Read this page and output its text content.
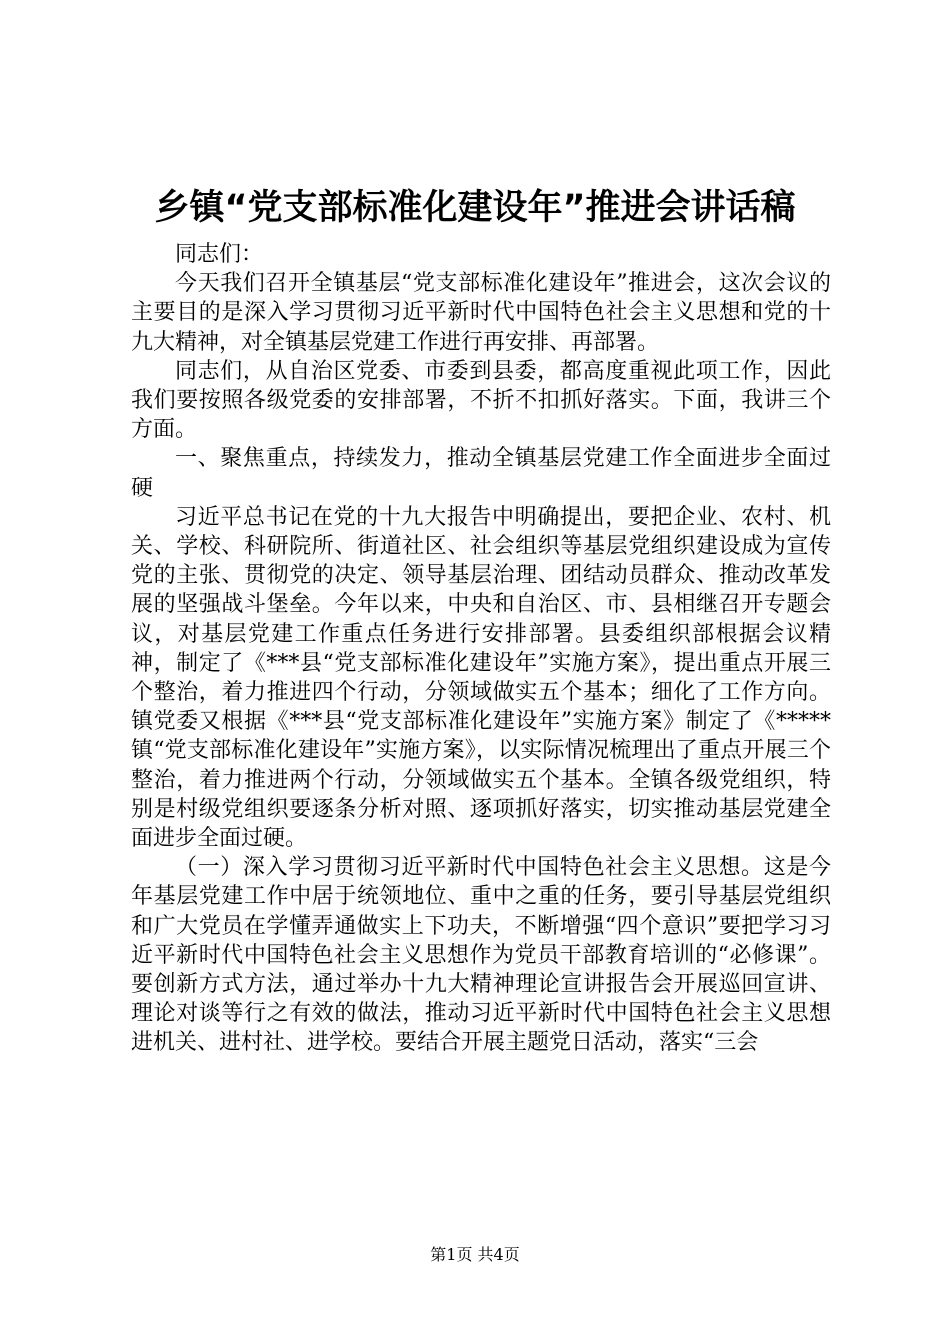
乡镇“党支部标准化建设年”推进会讲话稿

同志们：

今天我们召开全镇基层“党支部标准化建设年”推进会，这次会议的主要目的是深入学习贯彻习近平新时代中国特色社会主义思想和党的十九大精神，对全镇基层党建工作进行再安排、再部署。

同志们，从自治区党委、市委到县委，都高度重视此项工作，因此我们要按照各级党委的安排部署，不折不扣抓好落实。下面，我讲三个方面。

一、聚焦重点，持续发力，推动全镇基层党建工作全面进步全面过硬

习近平总书记在党的十九大报告中明确提出，要把企业、农村、机关、学校、科研院所、街道社区、社会组织等基层党组织建设成为宣传党的主张、贯彻党的决定、领导基层治理、团结动员群众、推动改革发展的坚强战斗堡垒。今年以来，中央和自治区、市、县相继召开专题会议，对基层党建工作重点任务进行安排部署。县委组织部根据会议精神，制定了《***县“党支部标准化建设年”实施方案》，提出重点开展三个整治，着力推进四个行动，分领域做实五个基本；细化了工作方向。镇党委又根据《***县“党支部标准化建设年”实施方案》制定了《*****镇“党支部标准化建设年”实施方案》，以实际情况梳理出了重点开展三个整治，着力推进两个行动，分领域做实五个基本。全镇各级党组织，特别是村级党组织要逐条分析对照、逐项抓好落实，切实推动基层党建全面进步全面过硬。

（一）深入学习贯彻习近平新时代中国特色社会主义思想。这是今年基层党建工作中居于统领地位、重中之重的任务，要引导基层党组织和广大党员在学懂弄通做实上下功夫，不断增强“四个意识”要把学习习近平新时代中国特色社会主义思想作为党员干部教育培训的“必修课”。要创新方式方法，通过举办十九大精神理论宣讲报告会开展巡回宣讲、理论对谈等行之有效的做法，推动习近平新时代中国特色社会主义思想进机关、进村社、进学校。要结合开展主题党日活动，落实“三会

第1页 共4页
